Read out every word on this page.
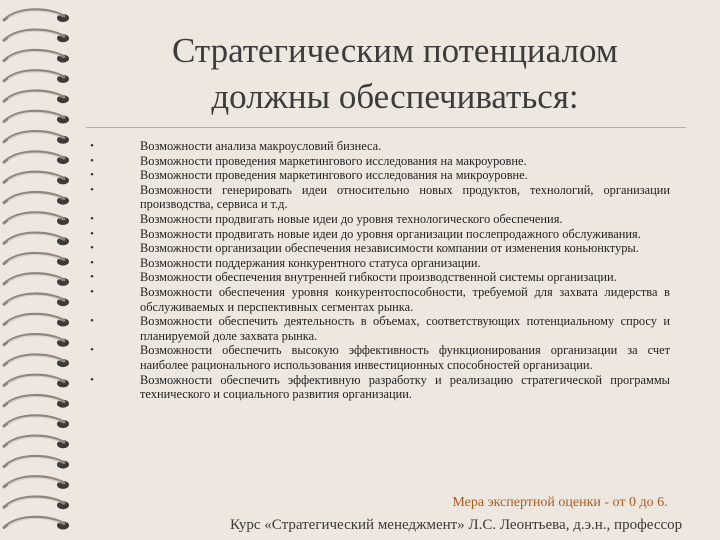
Стратегическим потенциалом
должны обеспечиваться:
•	Возможности анализа макроусловий бизнеса.
•	Возможности проведения маркетингового исследования на макроуровне.
•	Возможности проведения маркетингового исследования на микроуровне.
•	Возможности генерировать идеи относительно новых продуктов, технологий, организации производства, сервиса и т.д.
•	Возможности продвигать новые идеи до уровня технологического обеспечения.
•	Возможности продвигать новые идеи до уровня организации послепродажного обслуживания.
•	Возможности организации обеспечения независимости компании от изменения коньюнктуры.
•	Возможности поддержания конкурентного статуса организации.
•	Возможности обеспечения внутренней гибкости производственной системы организации.
•	Возможности обеспечения уровня конкурентоспособности, требуемой для захвата лидерства в обслуживаемых и перспективных сегментах рынка.
•	Возможности обеспечить деятельность в объемах, соответствующих потенциальному спросу и планируемой доле захвата рынка.
•	Возможности обеспечить высокую эффективность функционирования организации за счет наиболее рационального использования инвестиционных способностей организации.
•	Возможности обеспечить эффективную разработку и реализацию стратегической программы технического и социального развития организации.
Мера экспертной оценки - от 0 до 6.
Курс «Стратегический менеджмент» Л.С. Леонтьева, д.э.н., профессор
